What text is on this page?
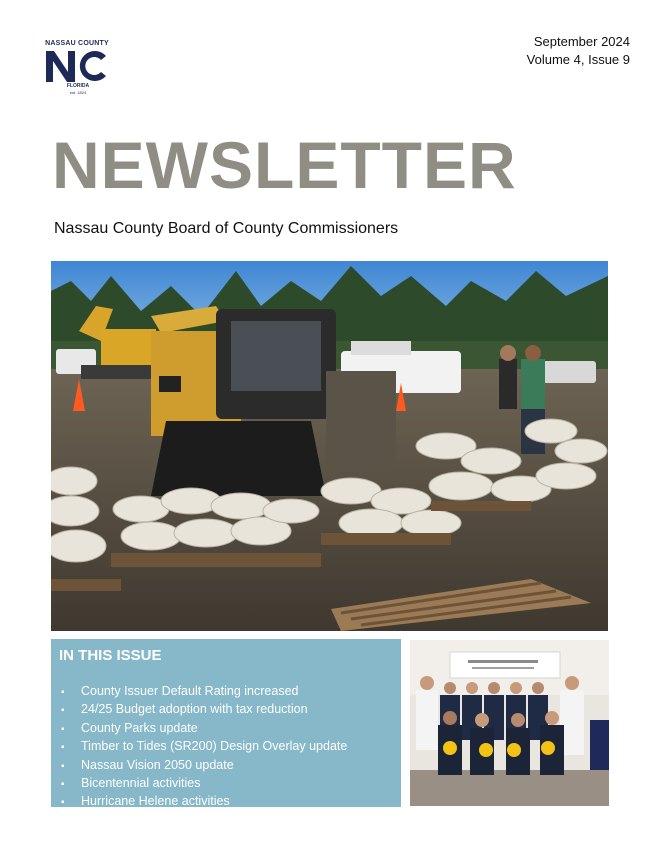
NASSAU COUNTY
FLORIDA
est. 1824
September 2024
Volume 4, Issue 9
NEWSLETTER
Nassau County Board of County Commissioners
IN THIS ISSUE
▪ County Issuer Default Rating increased
▪ 24/25 Budget adoption with tax reduction
▪ County Parks update
▪ Timber to Tides (SR200) Design Overlay update
▪ Nassau Vision 2050 update
▪ Bicentennial activities
▪ Hurricane Helene activities
